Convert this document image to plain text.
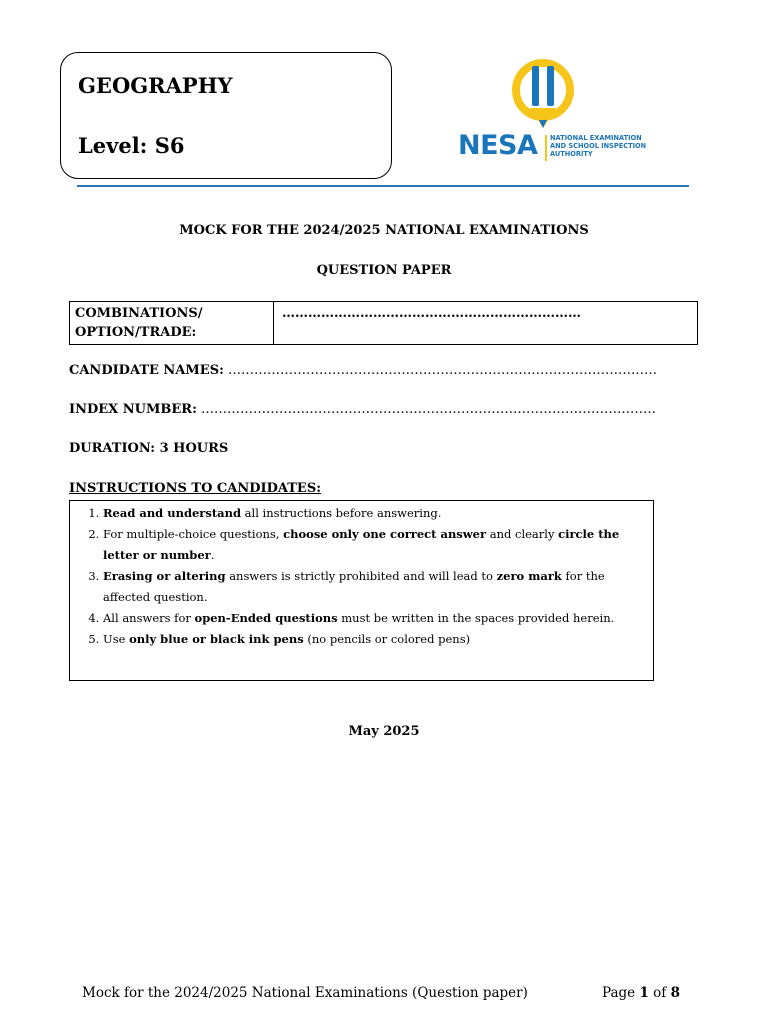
GEOGRAPHY
Level: S6	NESA NATIONAL EXAMINATION
AND SCHOOL INSPECTION
AUTHORITY
MOCK FOR THE 2024/2025 NATIONAL EXAMINATIONS
QUESTION PAPER
COMBINATIONS/
OPTION/TRADE:
	……………………………………………………………
CANDIDATE NAMES: ………………………………………………………………………………………
INDEX NUMBER: ……………………………………………………………………………………………
DURATION: 3 HOURS
INSTRUCTIONS TO CANDIDATES:
1. Read and understand all instructions before answering.
2. For multiple-choice questions, choose only one correct answer and clearly circle the letter or number.
3. Erasing or altering answers is strictly prohibited and will lead to zero mark for the affected question.
4. All answers for open-Ended questions must be written in the spaces provided herein.
5. Use only blue or black ink pens (no pencils or colored pens)
May 2025
Mock for the 2024/2025 National Examinations (Question paper)	Page 1 of 8
